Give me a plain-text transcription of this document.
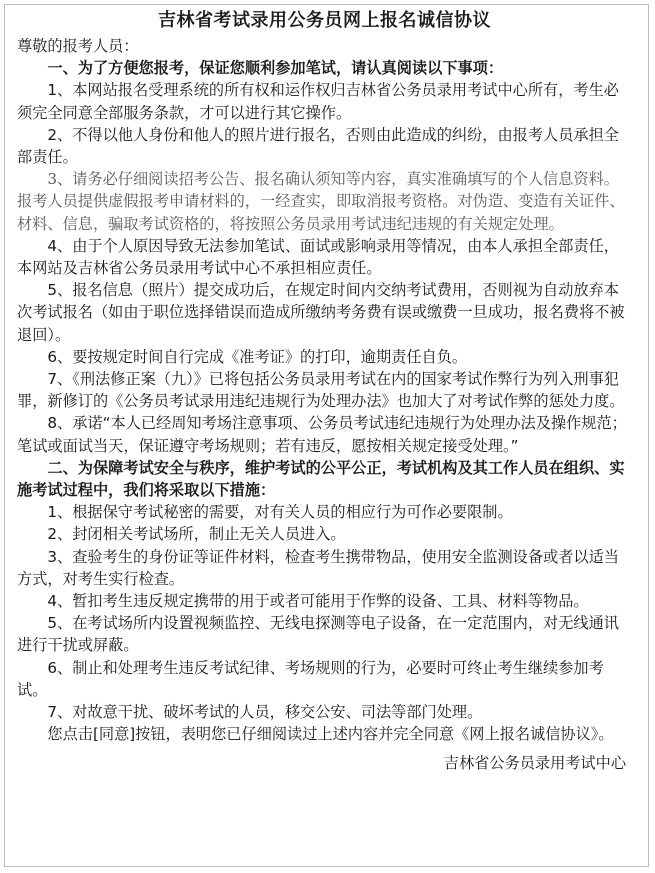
吉林省考试录用公务员网上报名诚信协议

尊敬的报考人员：

一、为了方便您报考，保证您顺利参加笔试，请认真阅读以下事项：

1、本网站报名受理系统的所有权和运作权归吉林省公务员录用考试中心所有，考生必须完全同意全部服务条款，才可以进行其它操作。

2、不得以他人身份和他人的照片进行报名，否则由此造成的纠纷，由报考人员承担全部责任。

3、请务必仔细阅读招考公告、报名确认须知等内容，真实准确填写的个人信息资料。报考人员提供虚假报考申请材料的，一经查实，即取消报考资格。对伪造、变造有关证件、材料、信息，骗取考试资格的，将按照公务员录用考试违纪违规的有关规定处理。

4、由于个人原因导致无法参加笔试、面试或影响录用等情况，由本人承担全部责任，本网站及吉林省公务员录用考试中心不承担相应责任。

5、报名信息（照片）提交成功后，在规定时间内交纳考试费用，否则视为自动放弃本次考试报名（如由于职位选择错误而造成所缴纳考务费有误或缴费一旦成功，报名费将不被退回）。

6、要按规定时间自行完成《准考证》的打印，逾期责任自负。

7、《刑法修正案（九）》已将包括公务员录用考试在内的国家考试作弊行为列入刑事犯罪，新修订的《公务员考试录用违纪违规行为处理办法》也加大了对考试作弊的惩处力度。

8、承诺“本人已经周知考场注意事项、公务员考试违纪违规行为处理办法及操作规范；笔试或面试当天，保证遵守考场规则；若有违反，愿按相关规定接受处理。”

二、为保障考试安全与秩序，维护考试的公平公正，考试机构及其工作人员在组织、实施考试过程中，我们将采取以下措施：

1、根据保守考试秘密的需要，对有关人员的相应行为可作必要限制。

2、封闭相关考试场所，制止无关人员进入。

3、查验考生的身份证等证件材料，检查考生携带物品，使用安全监测设备或者以适当方式，对考生实行检查。

4、暂扣考生违反规定携带的用于或者可能用于作弊的设备、工具、材料等物品。

5、在考试场所内设置视频监控、无线电探测等电子设备，在一定范围内，对无线通讯进行干扰或屏蔽。

6、制止和处理考生违反考试纪律、考场规则的行为，必要时可终止考生继续参加考试。

7、对故意干扰、破坏考试的人员，移交公安、司法等部门处理。

您点击[同意]按钮，表明您已仔细阅读过上述内容并完全同意《网上报名诚信协议》。

吉林省公务员录用考试中心
